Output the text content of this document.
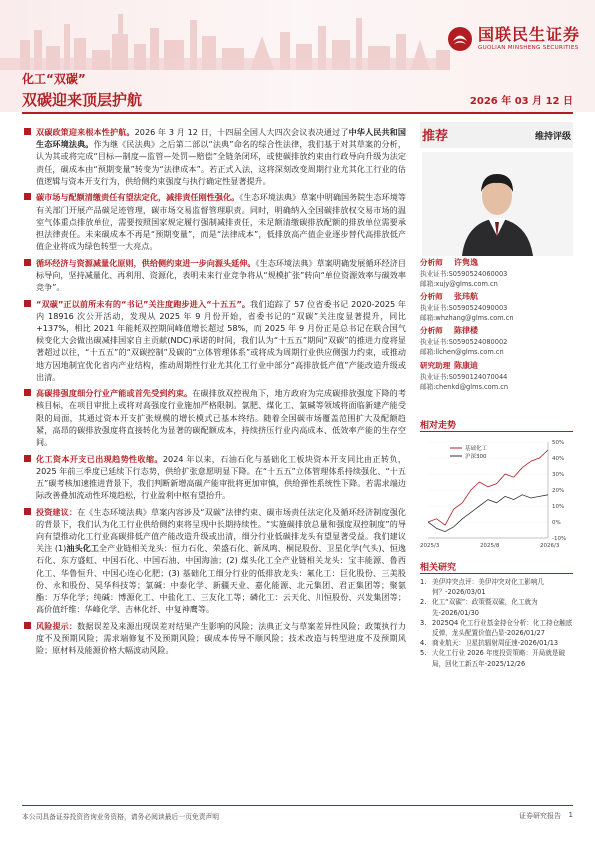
国联民生证券
GUOLIAN MINSHENG SECURITIES
化工“双碳”
双碳迎来顶层护航	2026 年 03 月 12 日

双碳政策迎来根本性护航。2026 年 3 月 12 日，十四届全国人大四次会议表决通过了中华人民共和国生态环境法典。作为继《民法典》之后第二部以“法典”命名的综合性法律，我们基于对其草案的分析，认为其或将完成“目标—制度—监管—处罚—赔偿”全链条闭环，或使碳排放约束由行政导向升级为法定责任，碳成本由“预期变量”转变为“法律成本”。若正式入法，这将深刻改变周期行业尤其化工行业的估值逻辑与资本开支行为，供给侧约束强度与执行确定性显著提升。

碳市场与配额清缴责任有望法定化，减排责任刚性强化。《生态环境法典》草案中明确国务院生态环境等有关部门开展产品碳足迹管理，碳市场交易监督管理职责。同时，明确纳入全国碳排放权交易市场的温室气体重点排放单位，需要按照国家规定履行强制减排责任，未足额清缴碳排放配额的排放单位需要承担法律责任。未来碳成本不再是“预期变量”，而是“法律成本”，低排放高产值企业逐步替代高排放低产值企业将成为绿色转型一大亮点。

循环经济与资源减量化原则，供给侧约束进一步向源头延伸。《生态环境法典》草案明确发展循环经济目标导向，坚持减量化、再利用、资源化，表明未来行业竞争将从“规模扩张”转向“单位资源效率与碳效率竞争”。

“双碳”正以前所未有的“书记”关注度跑步进入“十五五”。我们追踪了 57 位省委书记 2020-2025 年内 18916 次公开活动，发现从 2025 年 9 月份开始，省委书记的“双碳”关注度显著提升，同比+137%，相比 2021 年能耗双控期间峰值增长超过 58%，而 2025 年 9 月份正是总书记在联合国气候变化大会做出碳减排国家自主贡献(NDC)承诺的时间，我们认为“十五五”期间“双碳”的推进力度将显著超过以往，“十五五”的“双碳控制”及碳的“立体管理体系”或将成为周期行业供应侧强力约束，或推动地方因地制宜优化省内产业结构，推动周期性行业尤其化工行业中部分“高排放低产值”产能改造升级或出清。

高碳排强度细分行业产能或首先受到约束。在碳排放双控视角下，地方政府为完成碳排放强度下降的考核目标，在项目审批上或将对高强度行业施加严格限制。氯肥、煤化工、氯碱等领域将面临新建产能受限的局面，其通过资本开支扩张规模的增长模式已基本终结。随着全国碳市场覆盖范围扩大及配额趋紧，高昂的碳排放强度将直接转化为显著的碳配额成本，持续挤压行业内高成本、低效率产能的生存空间。

化工资本开支已出现趋势性收缩。2024 年以来，石油石化与基础化工板块资本开支同比由正转负，2025 年前三季度已延续下行态势，供给扩张意愿明显下降。在“十五五”立体管理体系持续强化、“十五五”碳考核加速推进背景下，我们判断新增高碳产能审批将更加审慎，供给弹性系统性下降。若需求端边际改善叠加流动性环境趋松，行业盈利中枢有望抬升。

投资建议：在《生态环境法典》草案内容涉及“双碳”法律约束、碳市场责任法定化及循环经济制度强化的背景下，我们认为化工行业供给侧约束将呈现中长期持续性。“实施碳排放总量和强度双控制度”的导向有望推动化工行业高碳排低产值产能改造升级或出清，细分行业低碳排龙头有望显著受益。我们建议关注 (1)油头化工全产业链相关龙头：恒力石化、荣盛石化、新凤鸣、桐昆股份、卫星化学(气头)、恒逸石化、东方盛虹、中国石化、中国石油、中国海油；(2) 煤头化工全产业链相关龙头：宝丰能源、鲁西化工、华鲁恒升、中国心连心化肥；(3) 基础化工细分行业的低排放龙头：氟化工：巨化股份、三美股份、永和股份、昊华科技等；氯碱：中泰化学、新疆天业、嘉化能源、北元集团、君正集团等；聚氨酯：万华化学；纯碱：博源化工、中盐化工、三友化工等；磷化工：云天化、川恒股份、兴发集团等；高价值纤维：华峰化学、吉林化纤、中复神鹰等。

风险提示：数据误差及来源出现误差对结果产生影响的风险；法典正文与草案差异性风险；政策执行力度不及预期风险；需求端修复不及预期风险；碳成本传导不顺风险；技术改造与转型进度不及预期风险；原材料及能源价格大幅波动风险。

推荐	维持评级
分析师 许隽逸
执业证书:S0590524060003
邮箱:xujy@glms.com.cn
分析师 张玮航
执业证书:S0590524090003
邮箱:whzhang@glms.com.cn
分析师 陈律楼
执业证书:S0590524080002
邮箱:llchen@glms.com.cn
研究助理 陈康迪
执业证书:S0590124070044
邮箱:chenkd@glms.com.cn
相对走势
50%
40%
30%
20%
10%
0%
-10%
2025/3	2025/8	2026/3
基础化工
沪深300
相关研究
1. 美伊冲突点评：美伊冲突对化工影响几何？-2026/03/01
2. 化工“双碳”：政策暨双碳，化工就为先-2026/01/30
3. 2025Q4 化工行业基金持仓分析：化工持仓触底反弹，龙头配置价值凸显-2026/01/27
4. 商业航天：卫星抗辐射周征速-2026/01/13
5. 大化工行业 2026 年度投资策略：开局就是破局，回化工新五年-2025/12/26
本公司具备证券投资咨询业务资格，请务必阅读最后一页免责声明	证券研究报告 1
